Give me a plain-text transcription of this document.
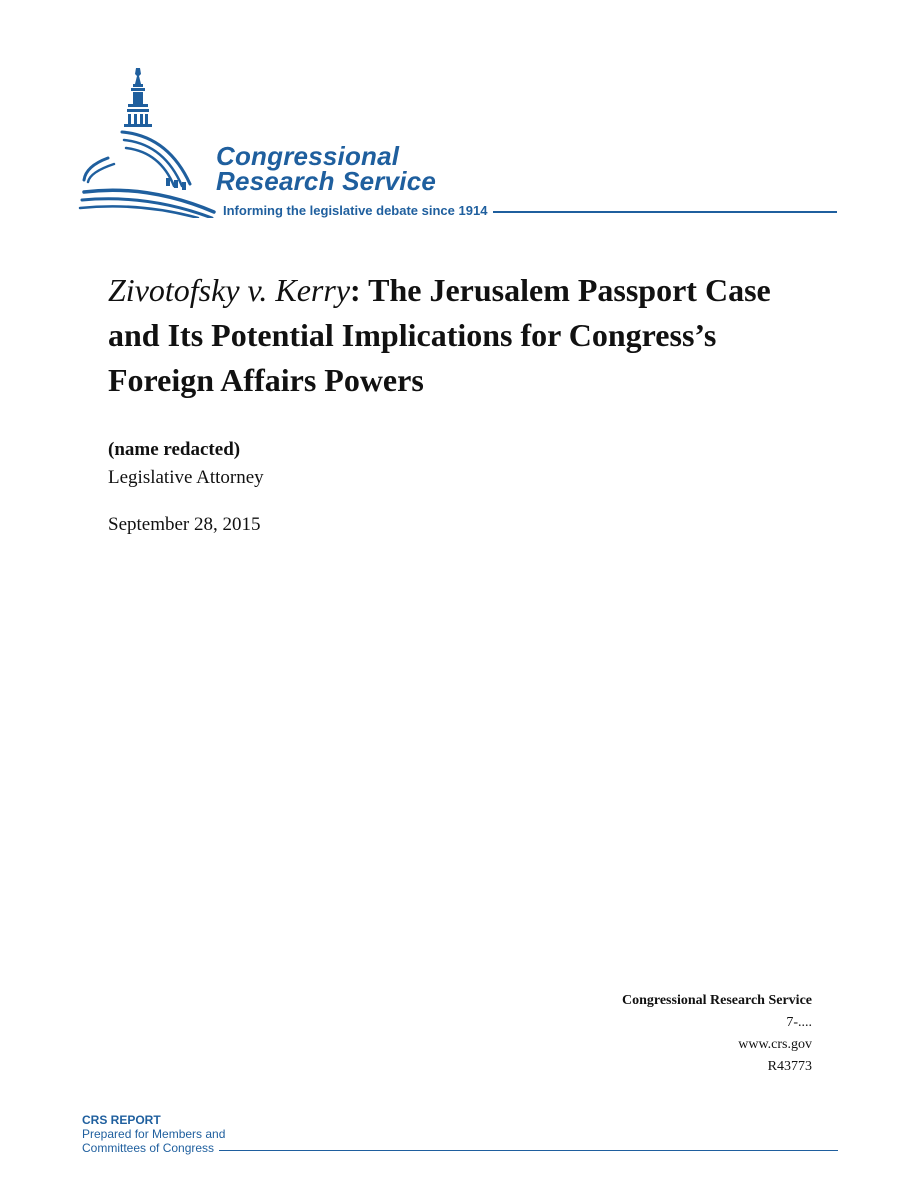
Congressional
Research Service
Informing the legislative debate since 1914
Zivotofsky v. Kerry: The Jerusalem Passport Case and Its Potential Implications for Congress’s Foreign Affairs Powers
(name redacted)
Legislative Attorney
September 28, 2015
Congressional Research Service
7-....
www.crs.gov
R43773
CRS REPORT
Prepared for Members and
Committees of Congress
